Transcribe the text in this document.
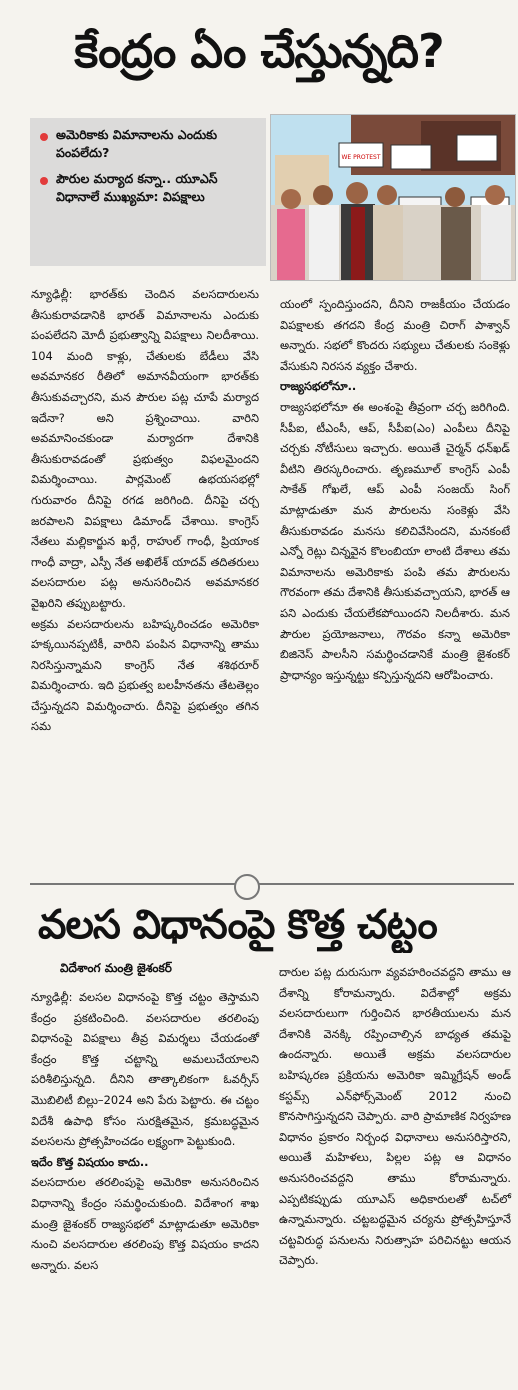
కేంద్రం ఏం చేస్తున్నది?
అమెరికాకు విమానాలను ఎందుకు పంపలేదు?
పౌరుల మర్యాద కన్నా.. యూఎస్ విధానాలే ముఖ్యమా: విపక్షాలు
WE PROTEST

న్యూఢిల్లీ: భారత్‌కు చెందిన వలసదారులను తీసుకురావడానికి భారత్ విమానాలను ఎందుకు పంపలేదని మోదీ ప్రభుత్వాన్ని విపక్షాలు నిలదీశాయి. 104 మంది కాళ్లు, చేతులకు బేడీలు వేసి అవమానకర రీతిలో అమానవీయంగా భారత్‌కు తీసుకువచ్చారని, మన పౌరుల పట్ల చూపే మర్యాద ఇదేనా? అని ప్రశ్నించాయి. వారిని అవమానించకుండా మర్యాదగా దేశానికి తీసుకురావడంతో ప్రభుత్వం విఫలమైందని విమర్శించాయి. పార్లమెంట్ ఉభయసభల్లో గురువారం దీనిపై రగడ జరిగింది. దీనిపై చర్చ జరపాలని విపక్షాలు డిమాండ్ చేశాయి. కాంగ్రెస్ నేతలు మల్లికార్జున ఖర్గే, రాహుల్ గాంధీ, ప్రియాంక గాంధీ వాద్రా, ఎస్పీ నేత అఖిలేశ్ యాదవ్ తదితరులు వలసదారుల పట్ల అనుసరించిన అవమానకర వైఖరిని తప్పుబట్టారు.

అక్రమ వలసదారులను బహిష్కరించడం అమెరికా హక్కయినప్పటికీ, వారిని పంపిన విధానాన్ని తాము నిరసిస్తున్నామని కాంగ్రెస్ నేత శశిథరూర్ విమర్శించారు. ఇది ప్రభుత్వ బలహీనతను తేటతెల్లం చేస్తున్నదని విమర్శించారు. దీనిపై ప్రభుత్వం తగిన సమ

యంలో స్పందిస్తుందని, దీనిని రాజకీయం చేయడం విపక్షాలకు తగదని కేంద్ర మంత్రి చిరాగ్ పాశ్వాన్ అన్నారు. సభలో కొందరు సభ్యులు చేతులకు సంకెళ్లు వేసుకుని నిరసన వ్యక్తం చేశారు.

రాజ్యసభలోనూ..

రాజ్యసభలోనూ ఈ అంశంపై తీవ్రంగా చర్చ జరిగింది. సీపీఐ, టీఎంసీ, ఆప్, సీపీఐ(ఎం) ఎంపీలు దీనిపై చర్చకు నోటీసులు ఇచ్చారు. అయితే చైర్మన్ ధన్‌ఖడ్ వీటిని తిరస్కరించారు. తృణమూల్ కాంగ్రెస్ ఎంపీ సాకేత్ గోఖలే, ఆప్ ఎంపీ సంజయ్ సింగ్ మాట్లాడుతూ మన పౌరులను సంకెళ్లు వేసి తీసుకురావడం మనసు కలిచివేసిందని, మనకంటే ఎన్నో రెట్లు చిన్నవైన కొలంబియా లాంటి దేశాలు తమ విమానాలను అమెరికాకు పంపి తమ పౌరులను గౌరవంగా తమ దేశానికి తీసుకువచ్చాయని, భారత్ ఆ పని ఎందుకు చేయలేకపోయిందని నిలదీశారు. మన పౌరుల ప్రయోజనాలు, గౌరవం కన్నా అమెరికా బిజినెస్ పాలసీని సమర్థించడానికే మంత్రి జైశంకర్ ప్రాధాన్యం ఇస్తున్నట్టు కన్పిస్తున్నదని ఆరోపించారు.

వలస విధానంపై కొత్త చట్టం
విదేశాంగ మంత్రి జైశంకర్

న్యూఢిల్లీ: వలసల విధానంపై కొత్త చట్టం తెస్తామని కేంద్రం ప్రకటించింది. వలసదారుల తరలింపు విధానంపై విపక్షాలు తీవ్ర విమర్శలు చేయడంతో కేంద్రం కొత్త చట్టాన్ని అమలుచేయాలని పరిశీలిస్తున్నది. దీనిని తాత్కాలికంగా ఓవర్సీస్ మొబిలిటీ బిల్లు–2024 అని పేరు పెట్టారు. ఈ చట్టం విదేశీ ఉపాధి కోసం సురక్షితమైన, క్రమబద్ధమైన వలసలను ప్రోత్సహించడం లక్ష్యంగా పెట్టుకుంది.

ఇదేం కొత్త విషయం కాదు..

వలసదారుల తరలింపుపై అమెరికా అనుసరించిన విధానాన్ని కేంద్రం సమర్థించుకుంది. విదేశాంగ శాఖ మంత్రి జైశంకర్ రాజ్యసభలో మాట్లాడుతూ అమెరికా నుంచి వలసదారుల తరలింపు కొత్త విషయం కాదని అన్నారు. వలస

దారుల పట్ల దురుసుగా వ్యవహరించవద్దని తాము ఆ దేశాన్ని కోరామన్నారు. విదేశాల్లో అక్రమ వలసదారులుగా గుర్తించిన భారతీయులను మన దేశానికి వెనక్కి రప్పించాల్సిన బాధ్యత తమపై ఉందన్నారు. అయితే అక్రమ వలసదారుల బహిష్కరణ ప్రక్రియను అమెరికా ఇమ్మిగ్రేషన్ అండ్ కస్టమ్స్ ఎన్‌ఫోర్స్‌మెంట్ 2012 నుంచి కొనసాగిస్తున్నదని చెప్పారు. వారి ప్రామాణిక నిర్వహణ విధానం ప్రకారం నిర్బంధ విధానాలు అనుసరిస్తారని, అయితే మహిళలు, పిల్లల పట్ల ఆ విధానం అనుసరించవద్దని తాము కోరామన్నారు. ఎప్పటికప్పుడు యూఎస్ అధికారులతో టచ్‌లో ఉన్నామన్నారు. చట్టబద్ధమైన చర్యను ప్రోత్సహిస్తూనే చట్టవిరుద్ధ పనులను నిరుత్సాహ పరిచినట్టు ఆయన చెప్పారు.
